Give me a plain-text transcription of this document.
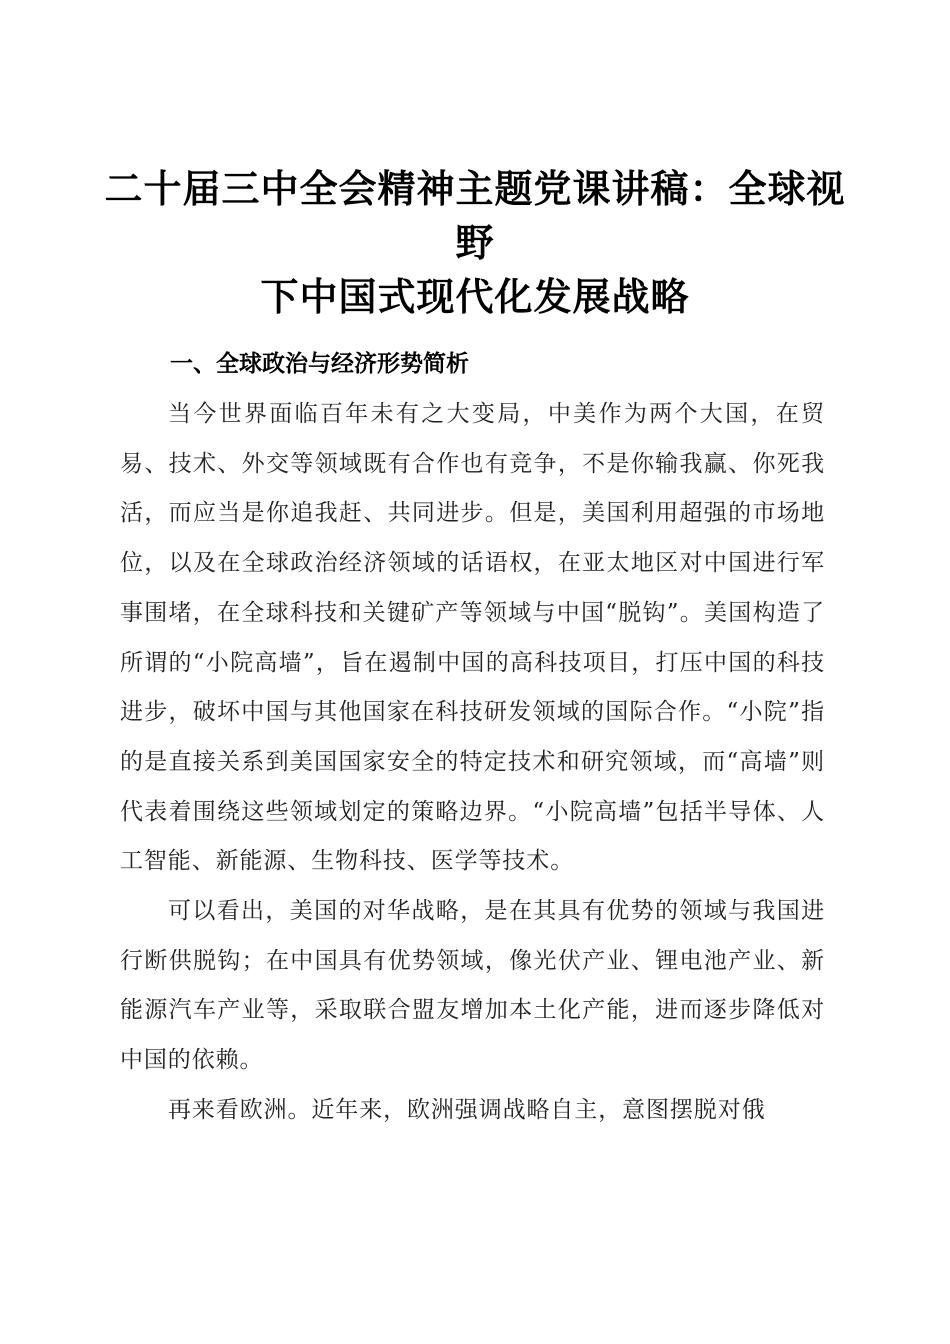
二十届三中全会精神主题党课讲稿：全球视野
下中国式现代化发展战略
一、全球政治与经济形势简析

当今世界面临百年未有之大变局，中美作为两个大国，在贸易、技术、外交等领域既有合作也有竞争，不是你输我赢、你死我活，而应当是你追我赶、共同进步。但是，美国利用超强的市场地位，以及在全球政治经济领域的话语权，在亚太地区对中国进行军事围堵，在全球科技和关键矿产等领域与中国“脱钩”。美国构造了所谓的“小院高墙”，旨在遏制中国的高科技项目，打压中国的科技进步，破坏中国与其他国家在科技研发领域的国际合作。“小院”指的是直接关系到美国国家安全的特定技术和研究领域，而“高墙”则代表着围绕这些领域划定的策略边界。“小院高墙”包括半导体、人工智能、新能源、生物科技、医学等技术。

可以看出，美国的对华战略，是在其具有优势的领域与我国进行断供脱钩；在中国具有优势领域，像光伏产业、锂电池产业、新能源汽车产业等，采取联合盟友增加本土化产能，进而逐步降低对中国的依赖。

再来看欧洲。近年来，欧洲强调战略自主，意图摆脱对俄
